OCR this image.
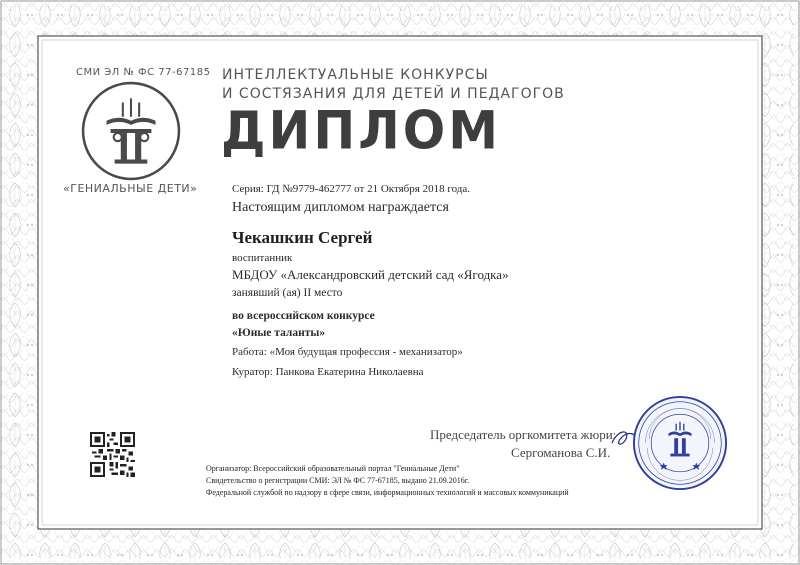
СМИ ЭЛ № ФС 77-67185
«ГЕНИАЛЬНЫЕ ДЕТИ»
ИНТЕЛЛЕКТУАЛЬНЫЕ КОНКУРСЫ
И СОСТЯЗАНИЯ ДЛЯ ДЕТЕЙ И ПЕДАГОГОВ
ДИПЛОМ
Серия: ГД №9779-462777 от 21 Октября 2018 года.
Настоящим дипломом награждается
Чекашкин Сергей
воспитанник
МБДОУ «Александровский детский сад «Ягодка»
занявший (ая) II место
во всероссийском конкурсе
«Юные таланты»
Работа: «Моя будущая профессия - механизатор»
Куратор: Панкова Екатерина Николаевна
Председатель оргкомитета жюри:
Сергоманова С.И.
Организатор: Всероссийский образовательный портал "Гениальные Дети"
Свидетельство о регистрации СМИ: ЭЛ № ФС 77-67185, выдано 21.09.2016г.
Федеральной службой по надзору в сфере связи, информационных технологий и массовых коммуникаций
